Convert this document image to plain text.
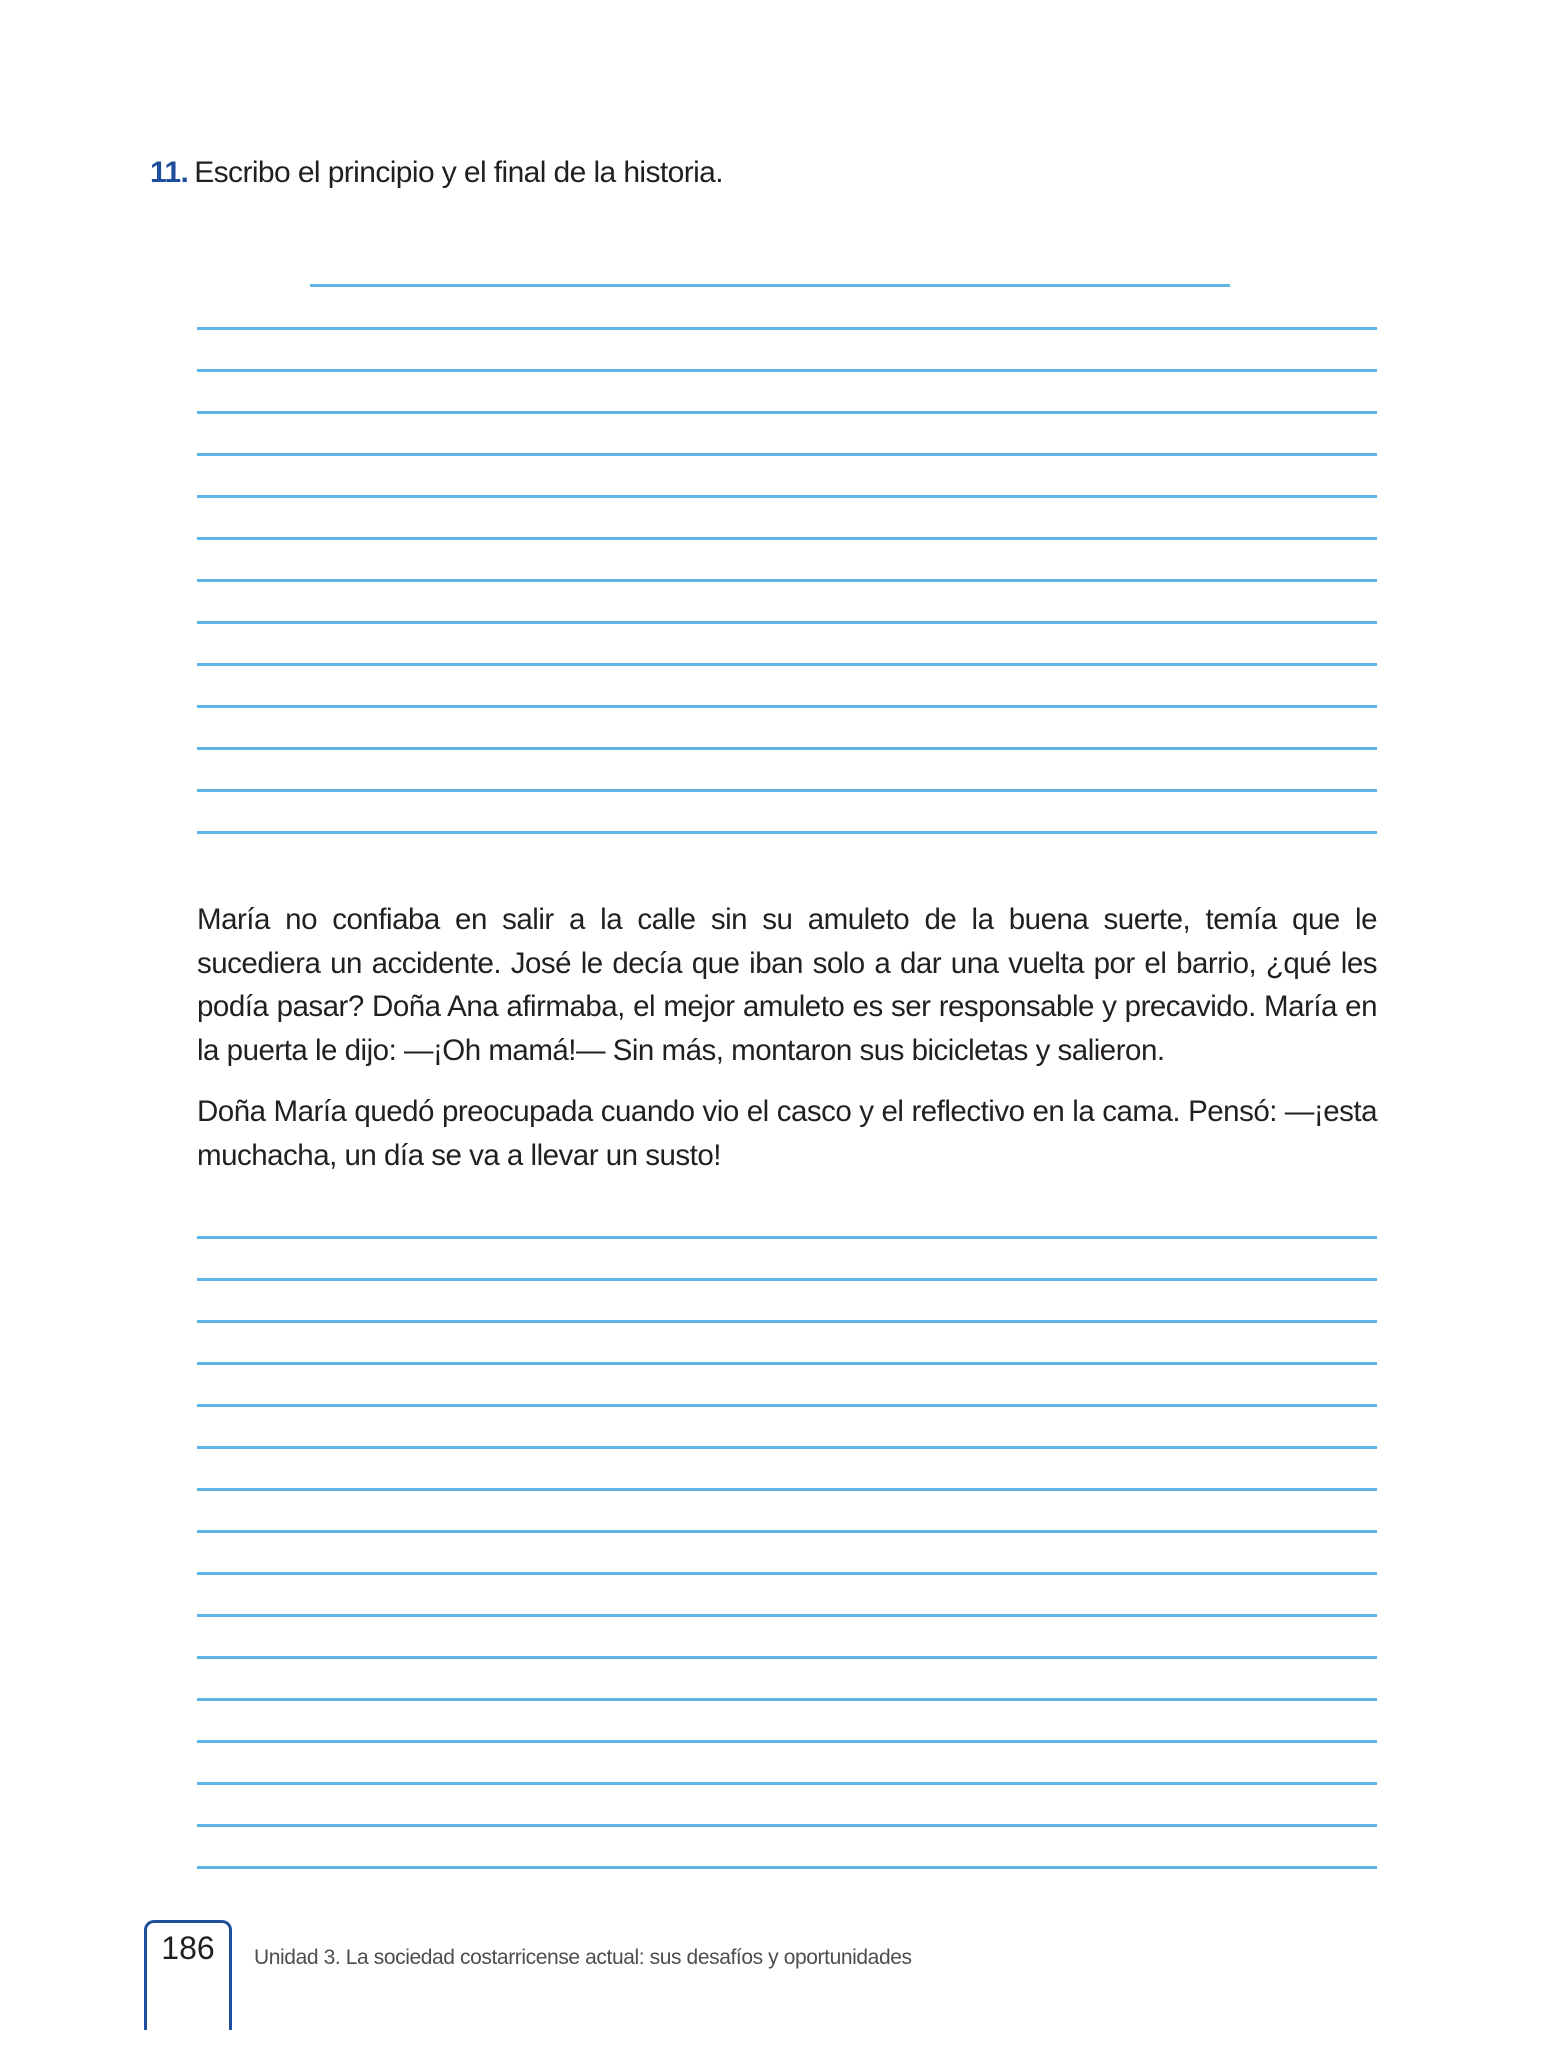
11. Escribo el principio y el final de la historia.

María no confiaba en salir a la calle sin su amuleto de la buena suerte, temía que le sucediera un accidente. José le decía que iban solo a dar una vuelta por el barrio, ¿qué les podía pasar? Doña Ana afirmaba, el mejor amuleto es ser responsable y precavido. María en la puerta le dijo: —¡Oh mamá!— Sin más, montaron sus bicicletas y salieron.

Doña María quedó preocupada cuando vio el casco y el reflectivo en la cama. Pensó: —¡esta muchacha, un día se va a llevar un susto!

186	Unidad 3. La sociedad costarricense actual: sus desafíos y oportunidades
